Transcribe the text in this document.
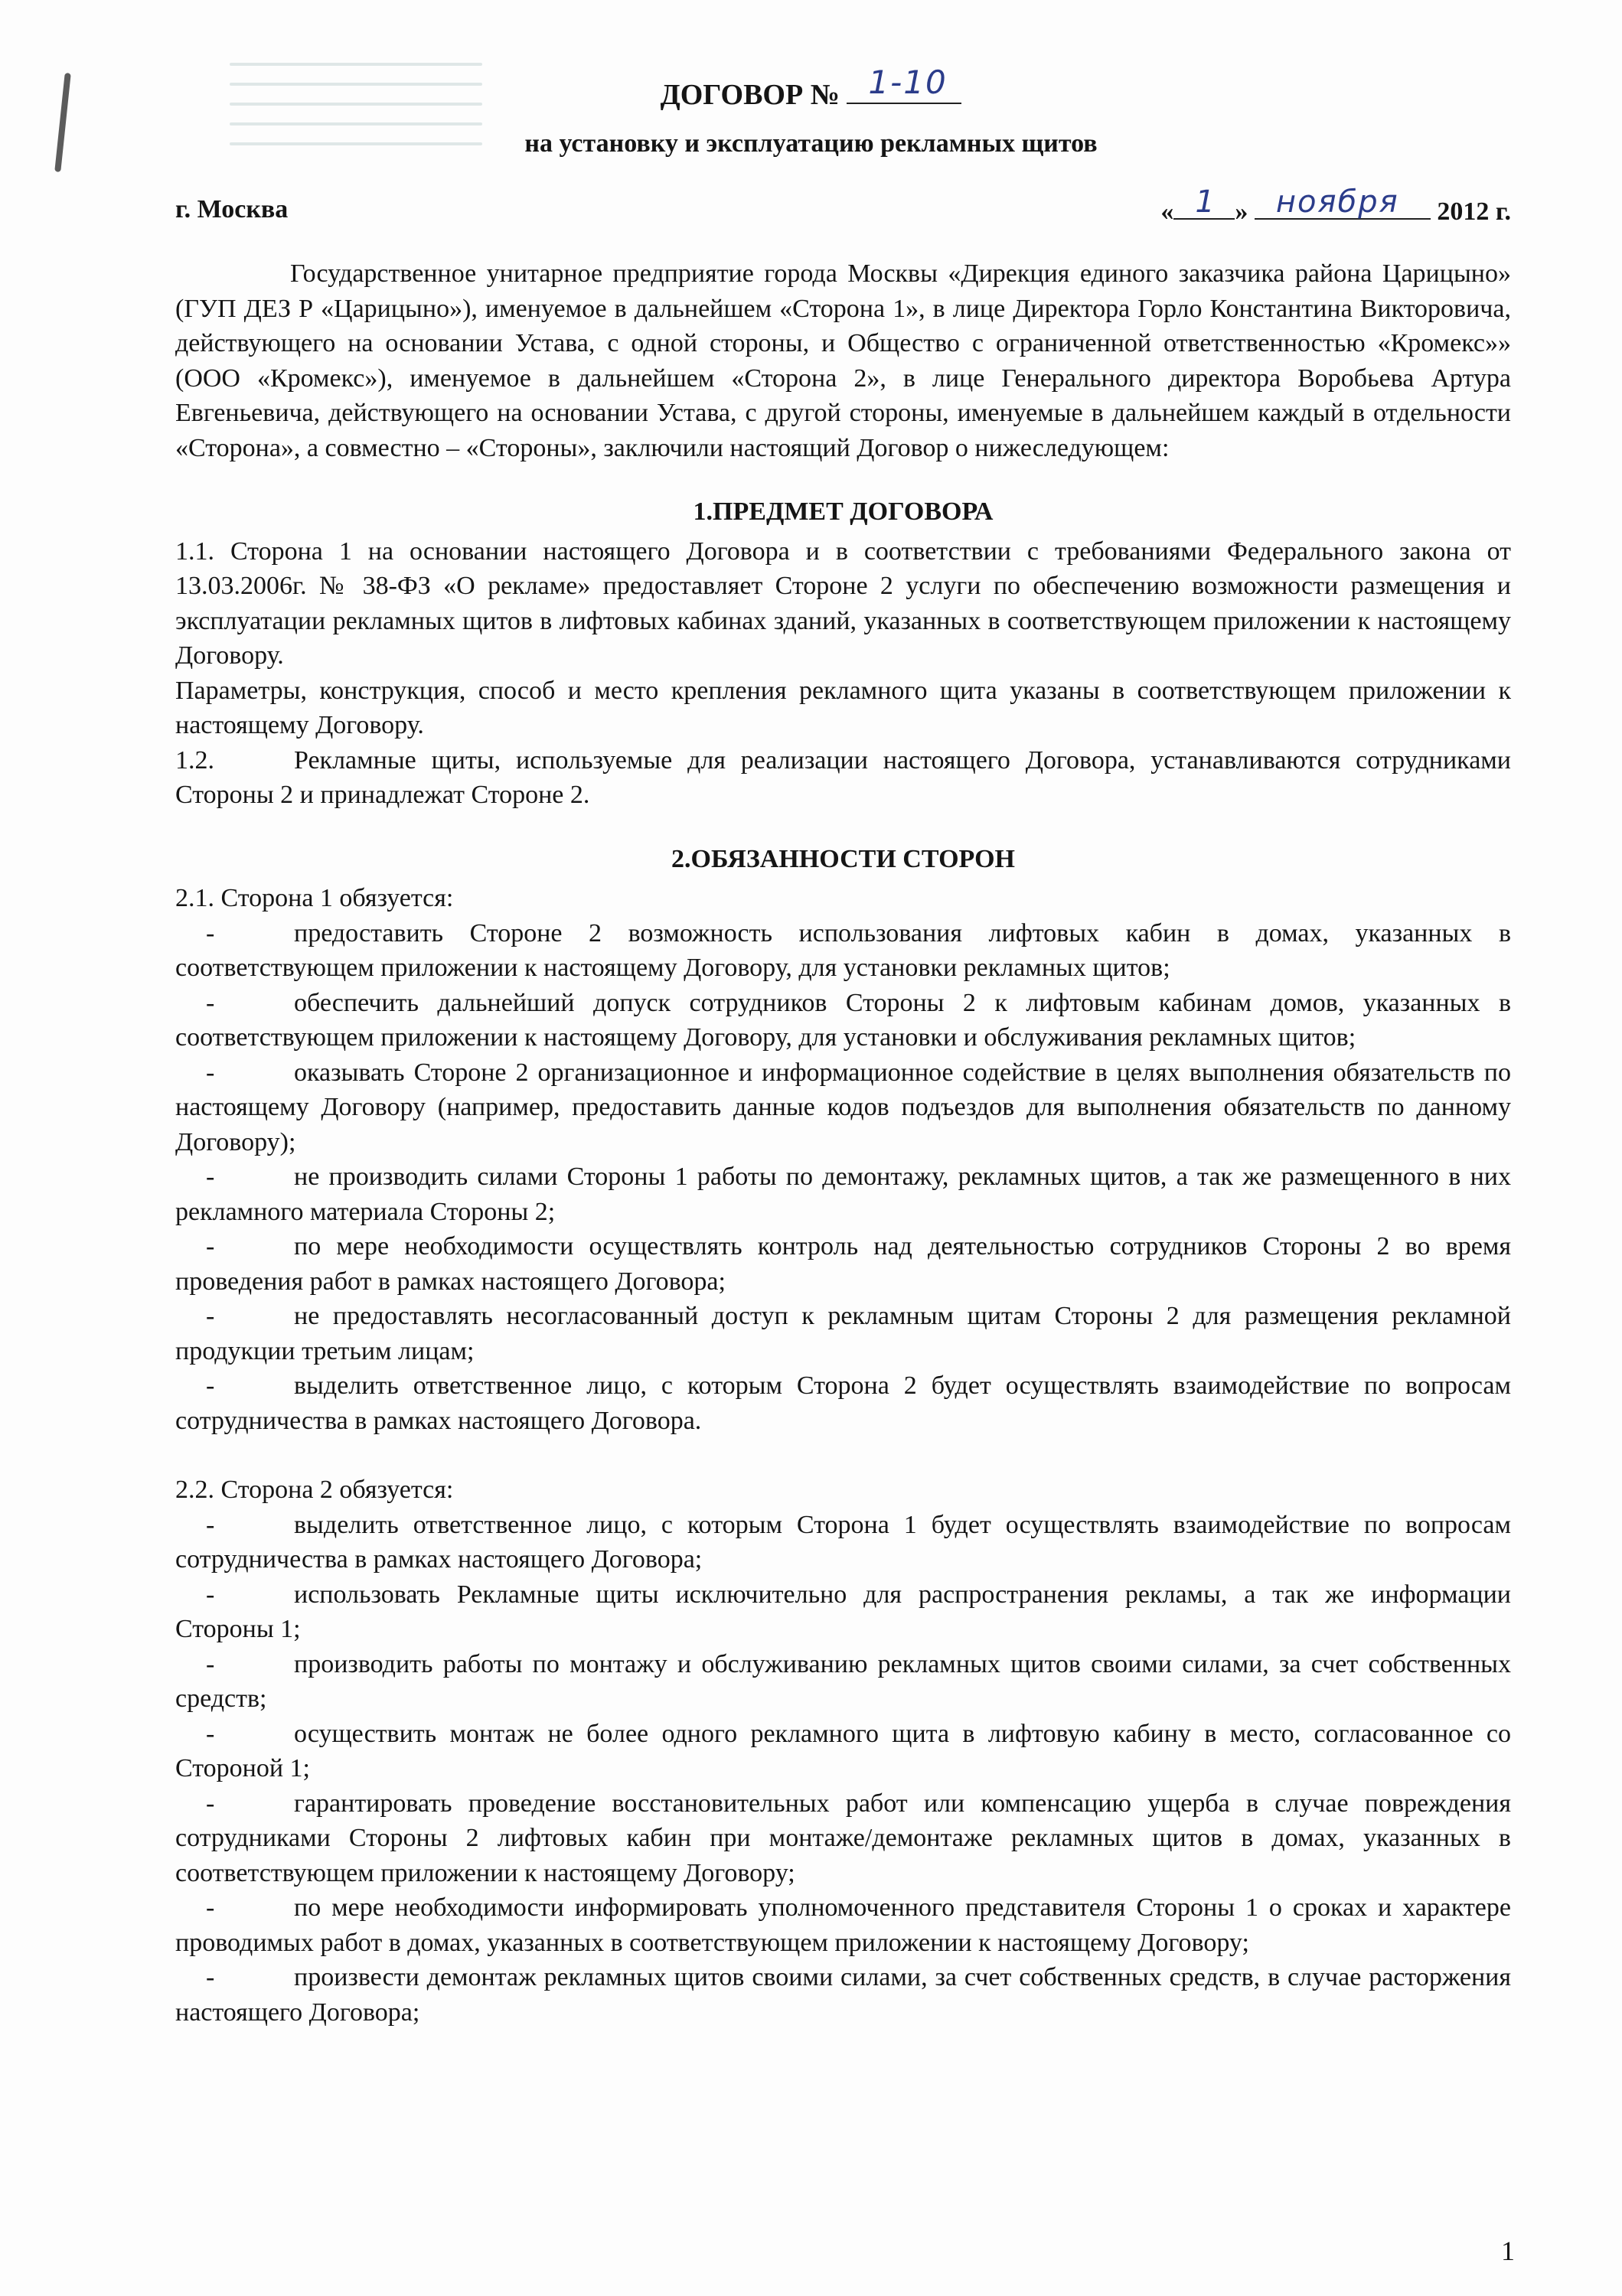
ДОГОВОР № 1-10
на установку и эксплуатацию рекламных щитов
г. Москва	« 1 » ноября 2012 г.

Государственное унитарное предприятие города Москвы «Дирекция единого заказчика района Царицыно» (ГУП ДЕЗ Р «Царицыно»), именуемое в дальнейшем «Сторона 1», в лице Директора Горло Константина Викторовича, действующего на основании Устава, с одной стороны, и Общество с ограниченной ответственностью «Кромекс»» (ООО «Кромекс»), именуемое в дальнейшем «Сторона 2», в лице Генерального директора Воробьева Артура Евгеньевича, действующего на основании Устава, с другой стороны, именуемые в дальнейшем каждый в отдельности «Сторона», а совместно – «Стороны», заключили настоящий Договор о нижеследующем:

1.ПРЕДМЕТ ДОГОВОРА

1.1. Сторона 1 на основании настоящего Договора и в соответствии с требованиями Федерального закона от 13.03.2006г. № 38-ФЗ «О рекламе» предоставляет Стороне 2 услуги по обеспечению возможности размещения и эксплуатации рекламных щитов в лифтовых кабинах зданий, указанных в соответствующем приложении к настоящему Договору.

Параметры, конструкция, способ и место крепления рекламного щита указаны в соответствующем приложении к настоящему Договору.

1.2.	Рекламные щиты, используемые для реализации настоящего Договора, устанавливаются сотрудниками Стороны 2 и принадлежат Стороне 2.

2.ОБЯЗАННОСТИ СТОРОН

2.1. Сторона 1 обязуется:

-	предоставить Стороне 2 возможность использования лифтовых кабин в домах, указанных в соответствующем приложении к настоящему Договору, для установки рекламных щитов;

-	обеспечить дальнейший допуск сотрудников Стороны 2 к лифтовым кабинам домов, указанных в соответствующем приложении к настоящему Договору, для установки и обслуживания рекламных щитов;

-	оказывать Стороне 2 организационное и информационное содействие в целях выполнения обязательств по настоящему Договору (например, предоставить данные кодов подъездов для выполнения обязательств по данному Договору);

-	не производить силами Стороны 1 работы по демонтажу, рекламных щитов, а так же размещенного в них рекламного материала Стороны 2;

-	по мере необходимости осуществлять контроль над деятельностью сотрудников Стороны 2 во время проведения работ в рамках настоящего Договора;

-	не предоставлять несогласованный доступ к рекламным щитам Стороны 2 для размещения рекламной продукции третьим лицам;

-	выделить ответственное лицо, с которым Сторона 2 будет осуществлять взаимодействие по вопросам сотрудничества в рамках настоящего Договора.

2.2. Сторона 2 обязуется:

-	выделить ответственное лицо, с которым Сторона 1 будет осуществлять взаимодействие по вопросам сотрудничества в рамках настоящего Договора;

-	использовать Рекламные щиты исключительно для распространения рекламы, а так же информации Стороны 1;

-	производить работы по монтажу и обслуживанию рекламных щитов своими силами, за счет собственных средств;

-	осуществить монтаж не более одного рекламного щита в лифтовую кабину в место, согласованное со Стороной 1;

-	гарантировать проведение восстановительных работ или компенсацию ущерба в случае повреждения сотрудниками Стороны 2 лифтовых кабин при монтаже/демонтаже рекламных щитов в домах, указанных в соответствующем приложении к настоящему Договору;

-	по мере необходимости информировать уполномоченного представителя Стороны 1 о сроках и характере проводимых работ в домах, указанных в соответствующем приложении к настоящему Договору;

-	произвести демонтаж рекламных щитов своими силами, за счет собственных средств, в случае расторжения настоящего Договора;

1
